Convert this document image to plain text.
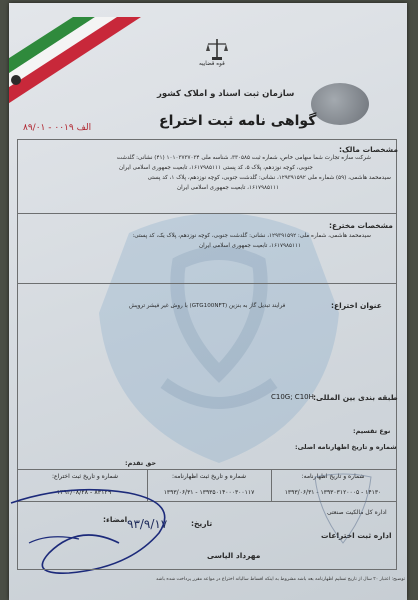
قوه قضاییه
سازمان ثبت اسناد و املاک کشور
گواهی نامه ثبت اختراع
۸۹/الف ۰۰۱۹ - ۰۱
مشخصات مالک:
شرکت سازه تجارت شما سهامی خاص، شماره ثبت ۳۳۰۵۸۵، شناسه ملی ۱۰۱۰۳۷۳۷۰۳۴ (۴۱) نشانی: گلدشت
جنوبی، کوچه نوزدهم، پلاک ۵، کد پستی ۱۶۱۷۹۸۵۱۱۱، تابعیت جمهوری اسلامی ایران
سیدمحمد هاشمی، (۵۹) شماره ملی ۱۲۹۳۹۱۵۹۲، نشانی: گلدشت جنوبی، کوچه نوزدهم، پلاک ۱، کد پستی
۱۶۱۷۹۸۵۱۱۱، تابعیت جمهوری اسلامی ایران
مشخصات مخترع:
سیدمحمد هاشمی، شماره ملی: ۱۲۹۳۹۱۵۹۲، نشانی: گلدشت جنوبی، کوچه نوزدهم، پلاک یک، کد پستی:
۱۶۱۷۹۸۵۱۱۱، تابعیت جمهوری اسلامی ایران
عنوان اختراع:
فرایند تبدیل گاز به بنزین (GTG100NFT) با روش غیر فیشر تروپش
طبقه بندی بین المللی:
C10G; C10H
نوع تقسیم:
شماره و تاریخ اظهارنامه اصلی:
حق تقدم:
شماره و تاریخ ثبت اختراع:	شماره و تاریخ ثبت اظهارنامه:	شماره و تاریخ اظهارنامه:
۱۳۹۳/۰۸/۲۸ - ۸۳۱۲۹	۱۳۹۳/۰۶/۳۱ - ۱۳۹۳۵۰۱۴۰۰۰۳۰۰۱۱۷	۱۳۹۳/۰۶/۳۱ - ۱۳۹۳۰۳۱۲۰۰۰۵ - ۱۴۱۳۰
امضاء:	تاریخ:
۹۳/۹/۱۷
مهرداد الیاسی
اداره کل مالکیت صنعتی
اداره ثبت اختراعات
توضیح: اعتبار ۲۰ سال از تاریخ تسلیم اظهارنامه بعد باشد مشروط به اینکه اقساط سالیانه اختراع در مواعد مقرر پرداخت شده باشد
